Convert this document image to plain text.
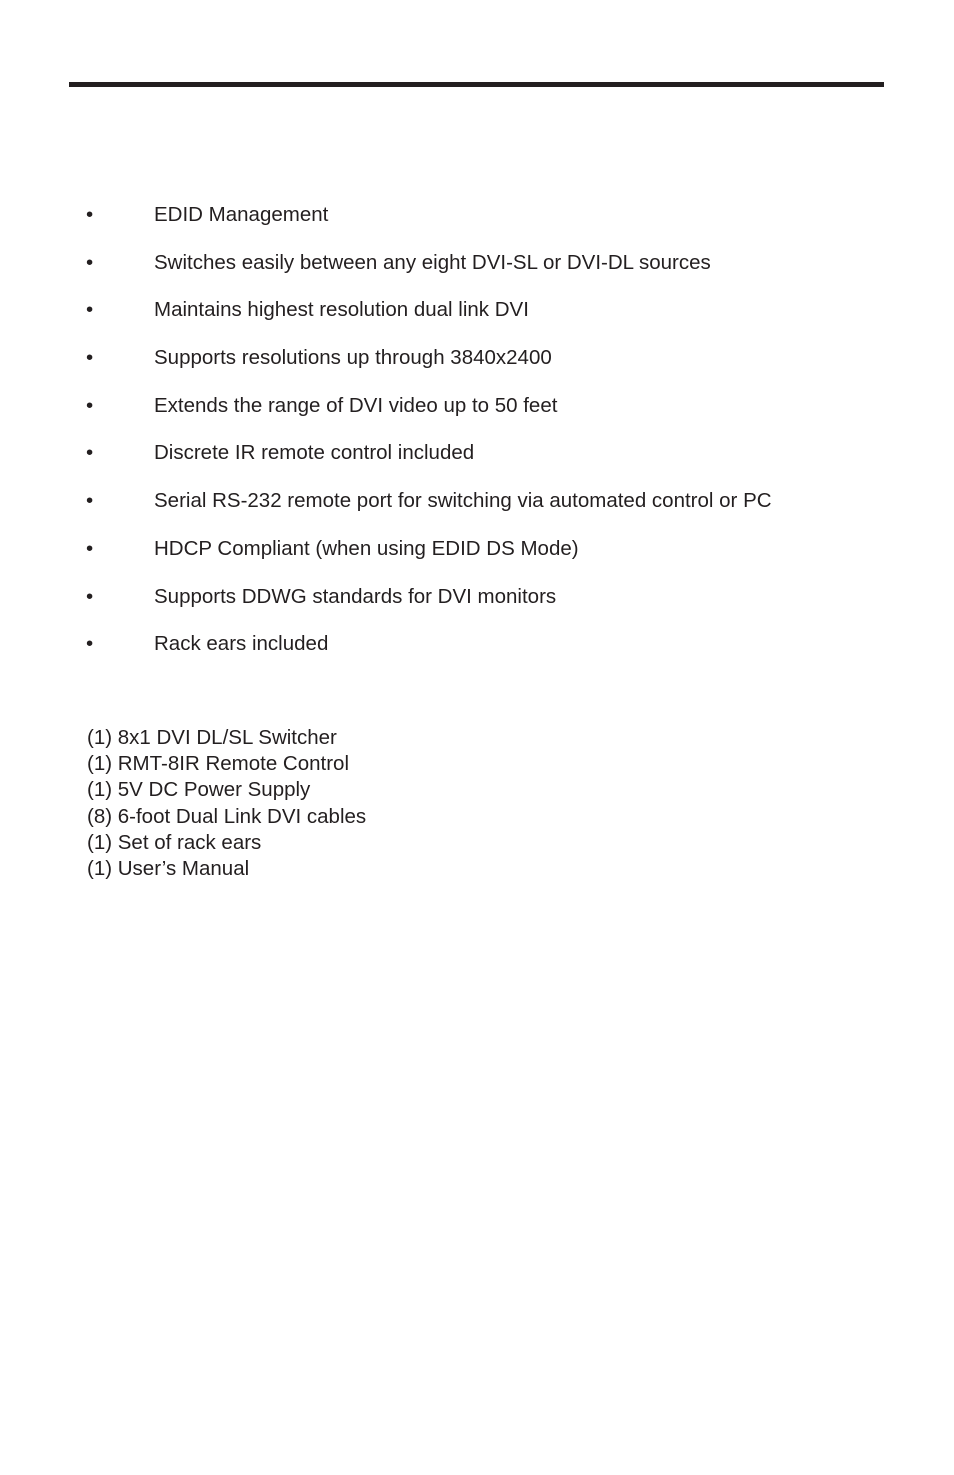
•	EDID Management
•	Switches easily between any eight DVI-SL or DVI-DL sources
•	Maintains highest resolution dual link DVI
•	Supports resolutions up through 3840x2400
•	Extends the range of DVI video up to 50 feet
•	Discrete IR remote control included
•	Serial RS-232 remote port for switching via automated control or PC
•	HDCP Compliant (when using EDID DS Mode)
•	Supports DDWG standards for DVI monitors
•	Rack ears included
(1) 8x1 DVI DL/SL Switcher
(1) RMT-8IR Remote Control
(1) 5V DC Power Supply
(8) 6-foot Dual Link DVI cables
(1) Set of rack ears
(1) User’s Manual
